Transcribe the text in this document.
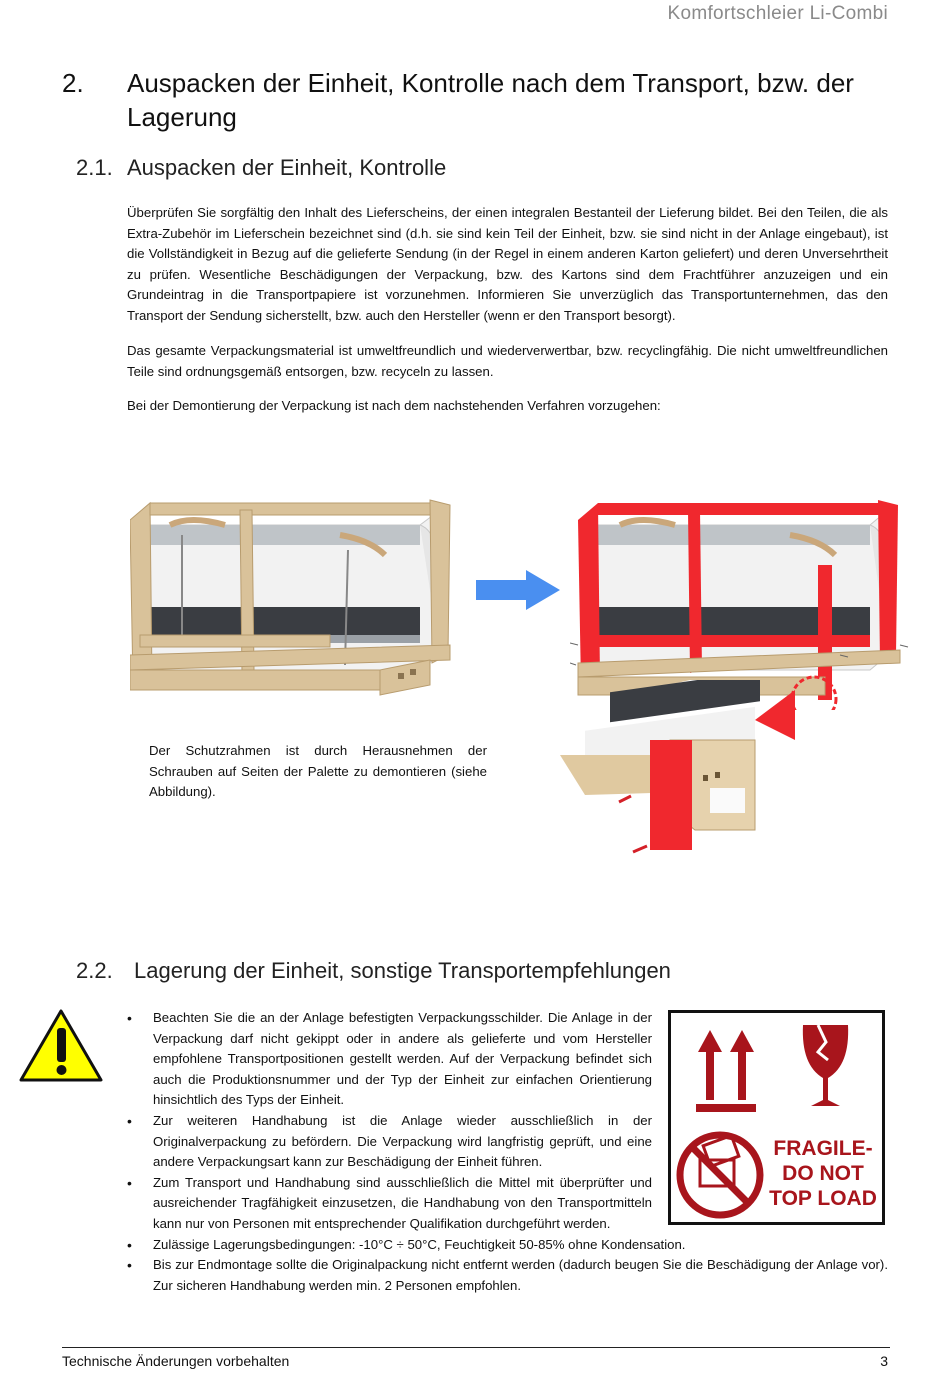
Komfortschleier Li-Combi
2. Auspacken der Einheit, Kontrolle nach dem Transport, bzw. der Lagerung
2.1. Auspacken der Einheit, Kontrolle

Überprüfen Sie sorgfältig den Inhalt des Lieferscheins, der einen integralen Bestanteil der Lieferung bildet. Bei den Teilen, die als Extra-Zubehör im Lieferschein bezeichnet sind (d.h. sie sind kein Teil der Einheit, bzw. sie sind nicht in der Anlage eingebaut), ist die Vollständigkeit in Bezug auf die gelieferte Sendung (in der Regel in einem anderen Karton geliefert) und deren Unversehrtheit zu prüfen. Wesentliche Beschädigungen der Verpackung, bzw. des Kartons sind dem Frachtführer anzuzeigen und ein Grundeintrag in die Transportpapiere ist vorzunehmen. Informieren Sie unverzüglich das Transportunternehmen, das den Transport der Sendung sicherstellt, bzw. auch den Hersteller (wenn er den Transport besorgt).

Das gesamte Verpackungsmaterial ist umweltfreundlich und wiederverwertbar, bzw. recyclingfähig. Die nicht umweltfreundlichen Teile sind ordnungsgemäß entsorgen, bzw. recyceln zu lassen.

Bei der Demontierung der Verpackung ist nach dem nachstehenden Verfahren vorzugehen:

Der Schutzrahmen ist durch Herausnehmen der Schrauben auf Seiten der Palette zu demontieren (siehe Abbildung).
2.2. Lagerung der Einheit, sonstige Transportempfehlungen
FRAGILE-
DO NOT
TOP LOAD
• Beachten Sie die an der Anlage befestigten Verpackungsschilder. Die Anlage in der Verpackung darf nicht gekippt oder in andere als gelieferte und vom Hersteller empfohlene Transportpositionen gestellt werden. Auf der Verpackung befindet sich auch die Produktionsnummer und der Typ der Einheit zur einfachen Orientierung hinsichtlich des Typs der Einheit.
• Zur weiteren Handhabung ist die Anlage wieder ausschließlich in der Originalverpackung zu befördern. Die Verpackung wird langfristig geprüft, und eine andere Verpackungsart kann zur Beschädigung der Einheit führen.
• Zum Transport und Handhabung sind ausschließlich die Mittel mit überprüfter und ausreichender Tragfähigkeit einzusetzen, die Handhabung von den Transportmitteln kann nur von Personen mit entsprechender Qualifikation durchgeführt werden.
• Zulässige Lagerungsbedingungen: -10°C ÷ 50°C, Feuchtigkeit 50-85% ohne Kondensation.
• Bis zur Endmontage sollte die Originalpackung nicht entfernt werden (dadurch beugen Sie die Beschädigung der Anlage vor). Zur sicheren Handhabung werden min. 2 Personen empfohlen.
Technische Änderungen vorbehalten	3
